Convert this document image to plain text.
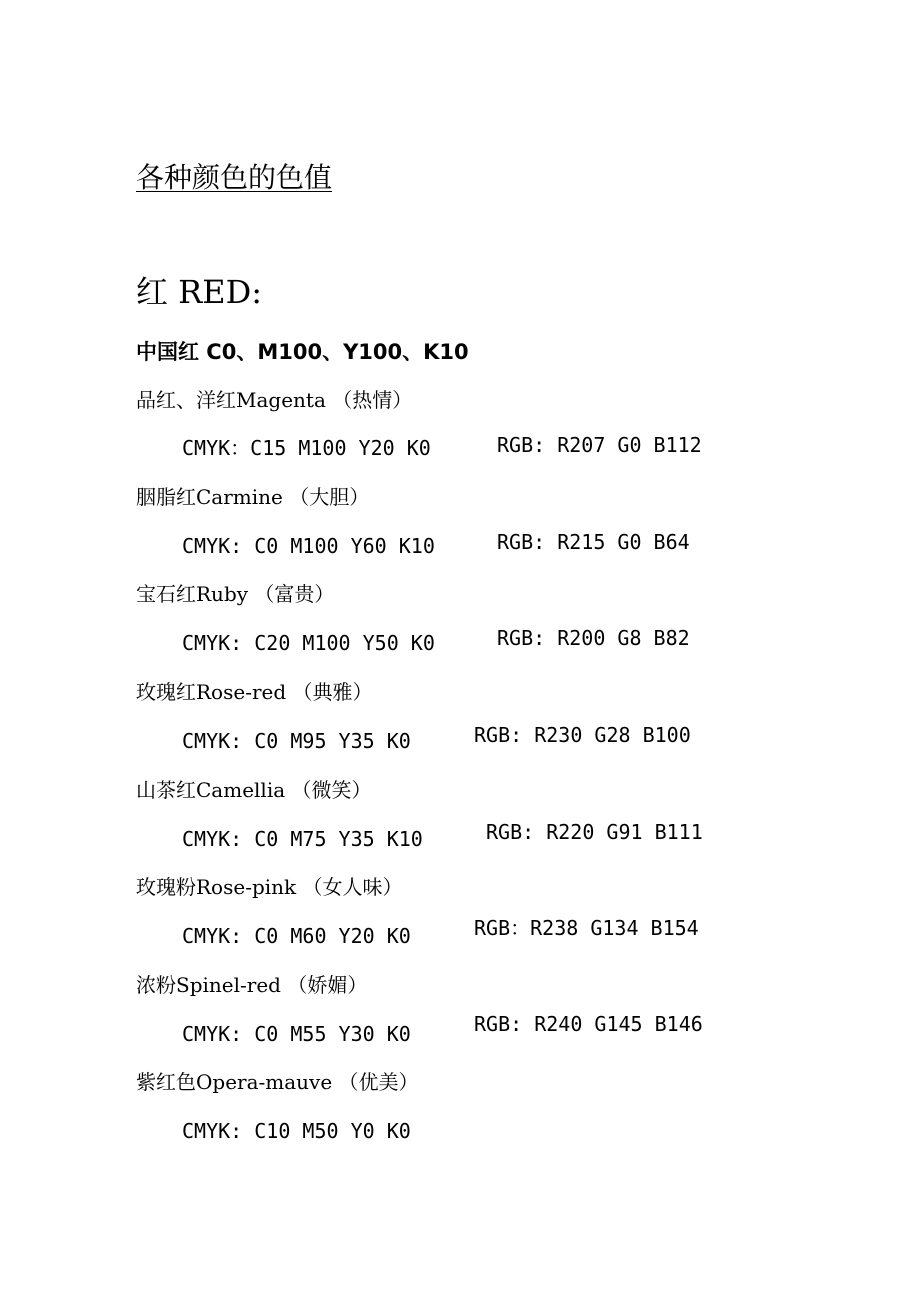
各种颜色的色值
红 RED:
中国红 C0、M100、Y100、K10
品红、洋红Magenta （热情）
CMYK：C15 M100 Y20 K0	RGB: R207 G0 B112
胭脂红Carmine （大胆）
CMYK: C0 M100 Y60 K10	RGB: R215 G0 B64
宝石红Ruby （富贵）
CMYK: C20 M100 Y50 K0	RGB: R200 G8 B82
玫瑰红Rose-red （典雅）
CMYK: C0 M95 Y35 K0	RGB: R230 G28 B100
山茶红Camellia （微笑）
CMYK: C0 M75 Y35 K10	RGB: R220 G91 B111
玫瑰粉Rose-pink （女人味）
CMYK: C0 M60 Y20 K0	RGB：R238 G134 B154
浓粉Spinel-red （娇媚）
CMYK: C0 M55 Y30 K0	RGB: R240 G145 B146
紫红色Opera-mauve （优美）
CMYK: C10 M50 Y0 K0
